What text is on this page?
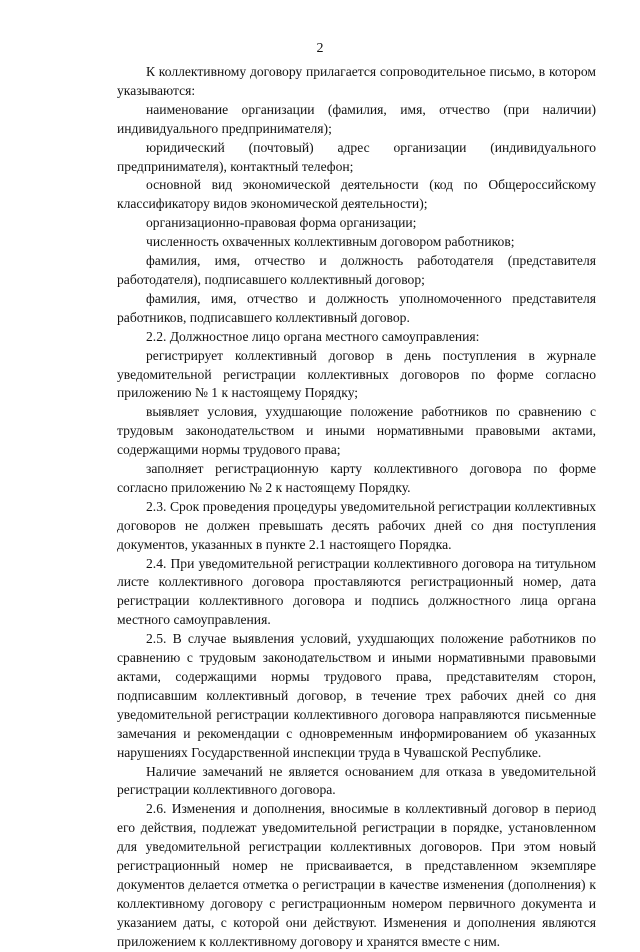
2

К коллективному договору прилагается сопроводительное письмо, в котором указываются:

наименование организации (фамилия, имя, отчество (при наличии) индивидуального предпринимателя);

юридический (почтовый) адрес организации (индивидуального предпринимателя), контактный телефон;

основной вид экономической деятельности (код по Общероссийскому классификатору видов экономической деятельности);

организационно-правовая форма организации;

численность охваченных коллективным договором работников;

фамилия, имя, отчество и должность работодателя (представителя работодателя), подписавшего коллективный договор;

фамилия, имя, отчество и должность уполномоченного представителя работников, подписавшего коллективный договор.

2.2. Должностное лицо органа местного самоуправления:

регистрирует коллективный договор в день поступления в журнале уведомительной регистрации коллективных договоров по форме согласно приложению № 1 к настоящему Порядку;

выявляет условия, ухудшающие положение работников по сравнению с трудовым законодательством и иными нормативными правовыми актами, содержащими нормы трудового права;

заполняет регистрационную карту коллективного договора по форме согласно приложению № 2 к настоящему Порядку.

2.3. Срок проведения процедуры уведомительной регистрации коллективных договоров не должен превышать десять рабочих дней со дня поступления документов, указанных в пункте 2.1 настоящего Порядка.

2.4. При уведомительной регистрации коллективного договора на титульном листе коллективного договора проставляются регистрационный номер, дата регистрации коллективного договора и подпись должностного лица органа местного самоуправления.

2.5. В случае выявления условий, ухудшающих положение работников по сравнению с трудовым законодательством и иными нормативными правовыми актами, содержащими нормы трудового права, представителям сторон, подписавшим коллективный договор, в течение трех рабочих дней со дня уведомительной регистрации коллективного договора направляются письменные замечания и рекомендации с одновременным информированием об указанных нарушениях Государственной инспекции труда в Чувашской Республике.

Наличие замечаний не является основанием для отказа в уведомительной регистрации коллективного договора.

2.6. Изменения и дополнения, вносимые в коллективный договор в период его действия, подлежат уведомительной регистрации в порядке, установленном для уведомительной регистрации коллективных договоров. При этом новый регистрационный номер не присваивается, в представленном экземпляре документов делается отметка о регистрации в качестве изменения (дополнения) к коллективному договору с регистрационным номером первичного документа и указанием даты, с которой они действуют. Изменения и дополнения являются приложением к коллективному договору и хранятся вместе с ним.
